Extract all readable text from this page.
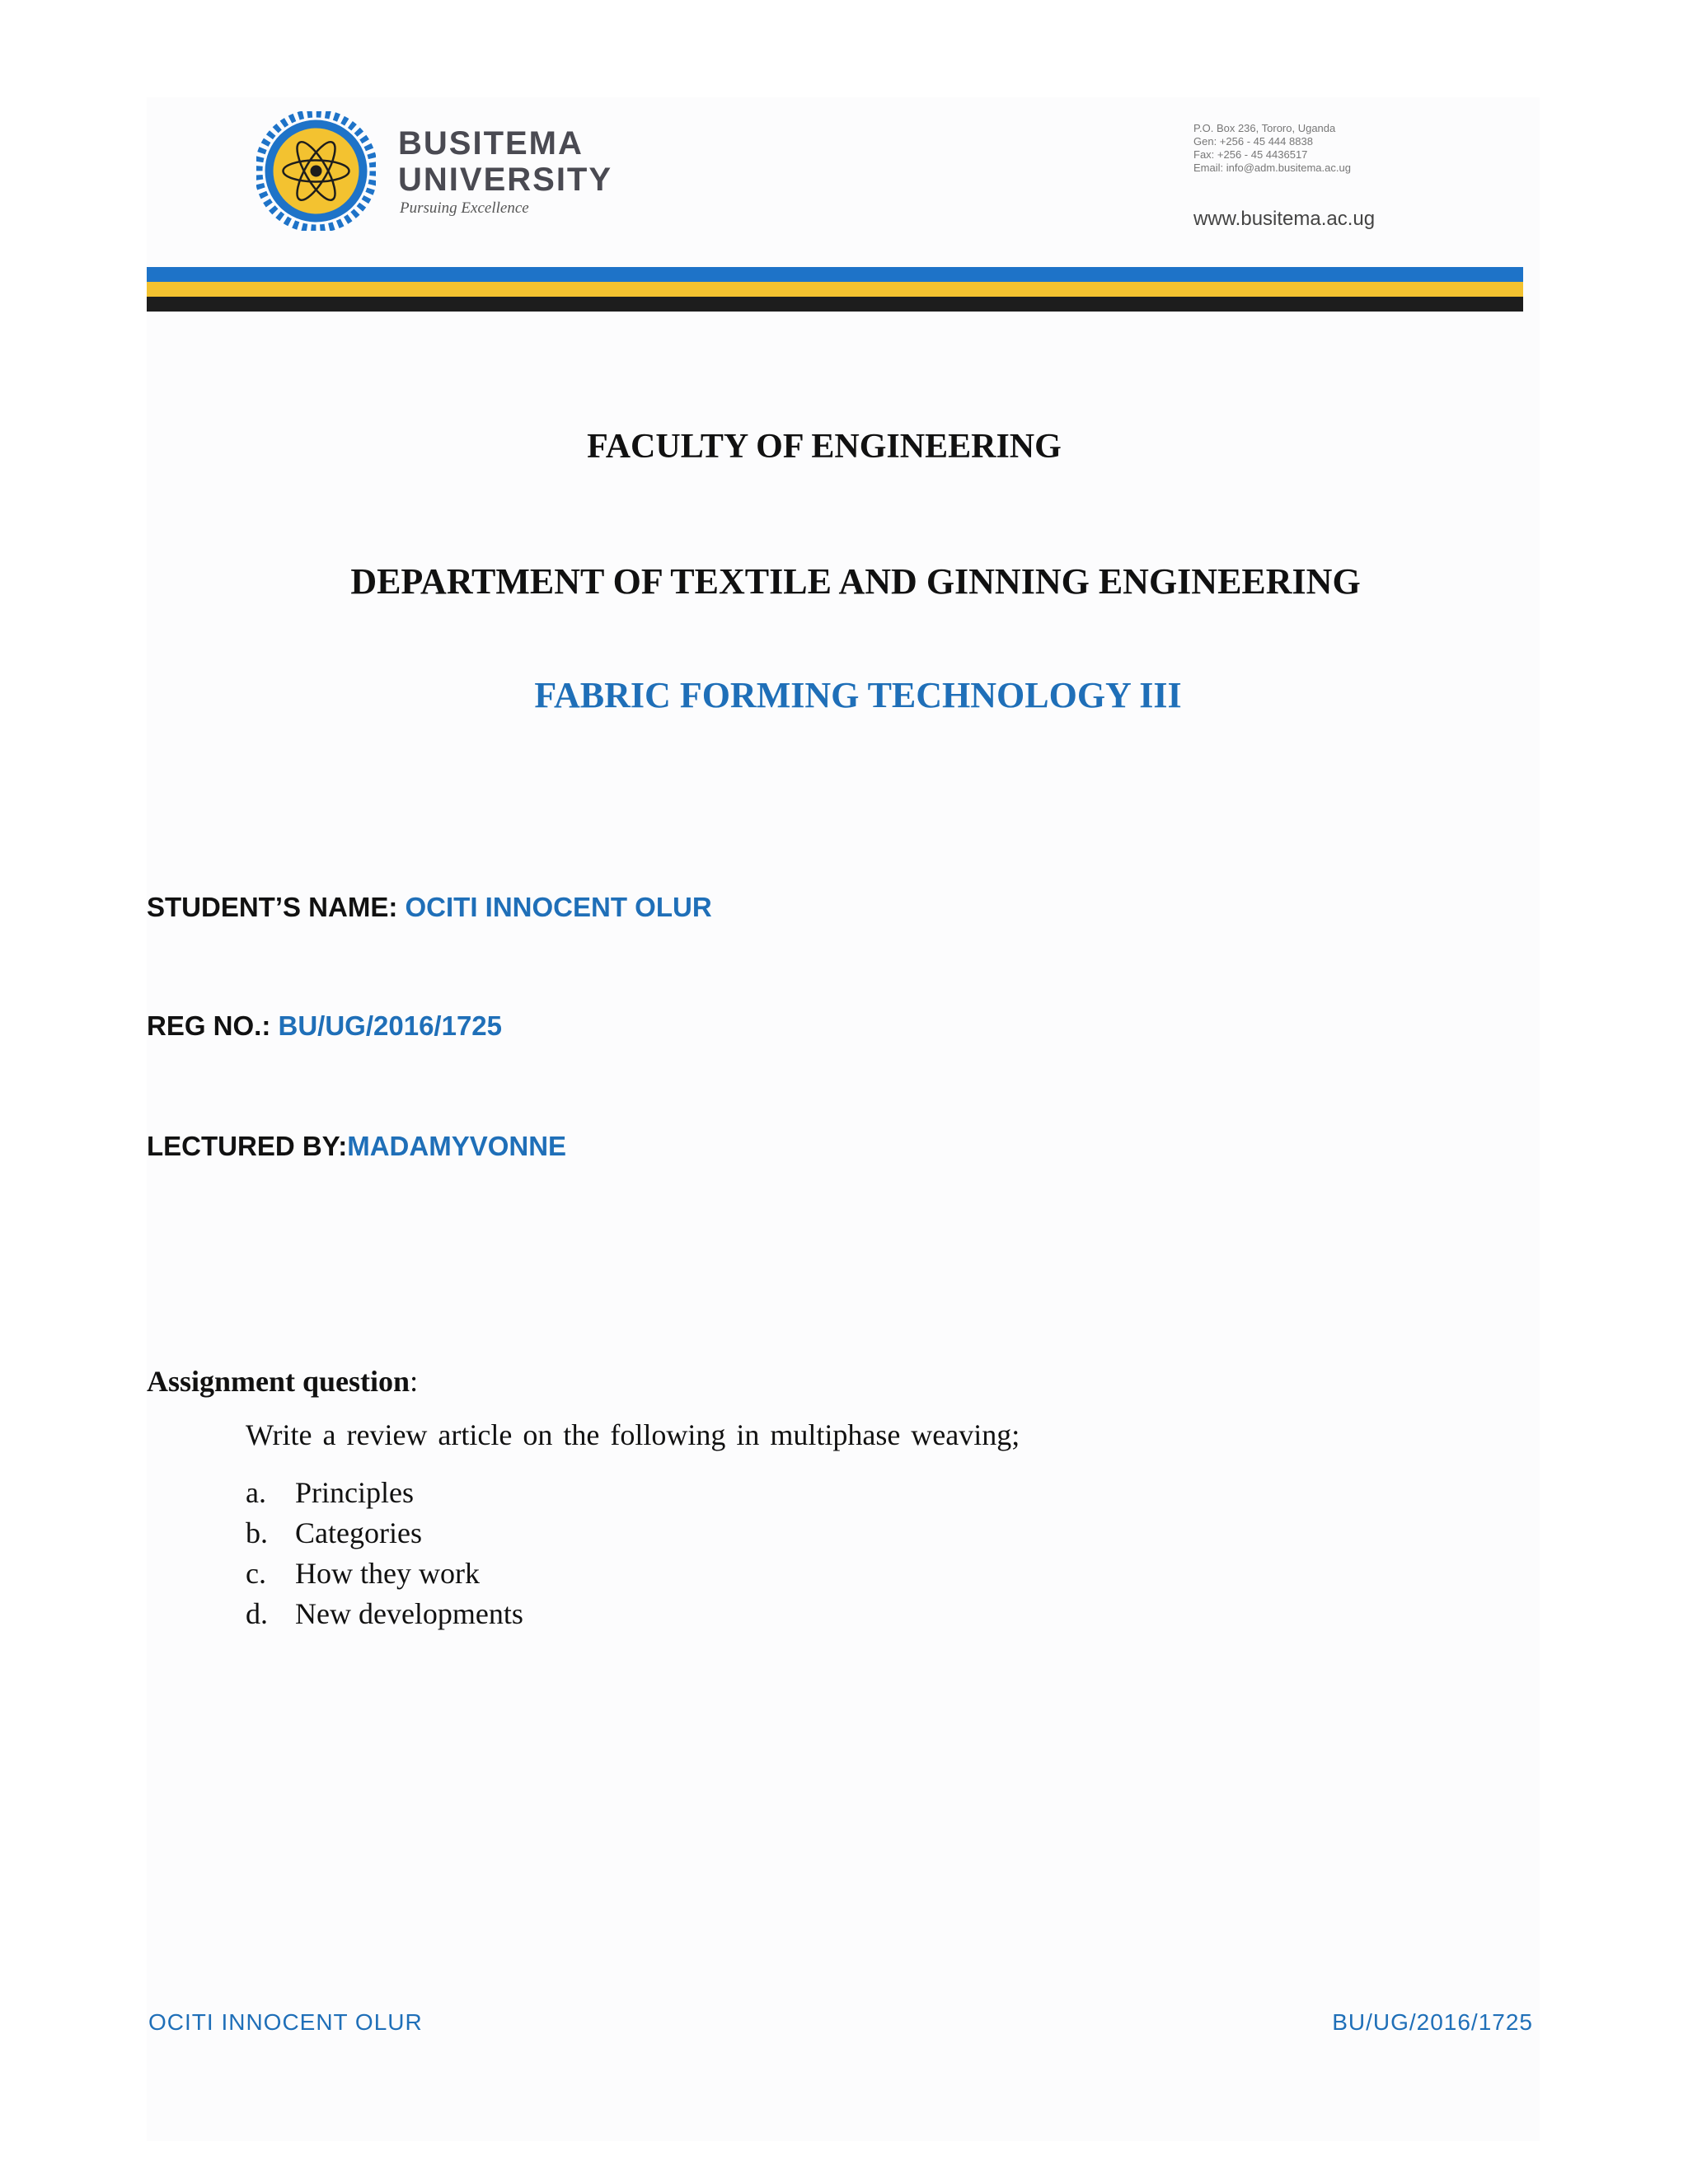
BUSITEMA
UNIVERSITY
Pursuing Excellence
P.O. Box 236, Tororo, Uganda
Gen: +256 - 45 444 8838
Fax: +256 - 45 4436517
Email: info@adm.busitema.ac.ug
www.busitema.ac.ug
FACULTY OF ENGINEERING
DEPARTMENT OF TEXTILE AND GINNING ENGINEERING
FABRIC FORMING TECHNOLOGY III
STUDENT’S NAME: OCITI INNOCENT OLUR
REG NO.: BU/UG/2016/1725
LECTURED BY:MADAMYVONNE
Assignment question:
Write a review article on the following in multiphase weaving;
a. Principles
b. Categories
c. How they work
d. New developments
OCITI INNOCENT OLUR	BU/UG/2016/1725
